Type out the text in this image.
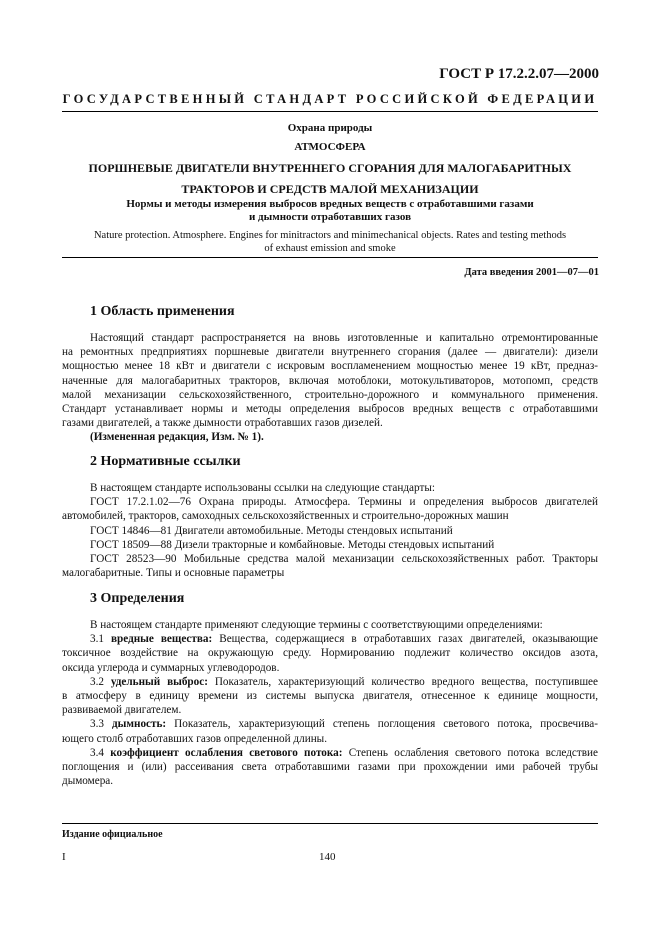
ГОСТ Р 17.2.2.07—2000
ГОСУДАРСТВЕННЫЙ СТАНДАРТ РОССИЙСКОЙ ФЕДЕРАЦИИ
Охрана природы
АТМОСФЕРА
ПОРШНЕВЫЕ ДВИГАТЕЛИ ВНУТРЕННЕГО СГОРАНИЯ ДЛЯ МАЛОГАБАРИТНЫХ
ТРАКТОРОВ И СРЕДСТВ МАЛОЙ МЕХАНИЗАЦИИ
Нормы и методы измерения выбросов вредных веществ с отработавшими газами
и дымности отработавших газов
Nature protection. Atmosphere. Engines for minitractors and minimechanical objects. Rates and testing methods
of exhaust emission and smoke
Дата введения 2001—07—01
1 Область применения

Настоящий стандарт распространяется на вновь изготовленные и капитально отремонтированные

на ремонтных предприятиях поршневые двигатели внутреннего сгорания (далее — двигатели): дизели

мощностью менее 18 кВт и двигатели с искровым воспламенением мощностью менее 19 кВт, предназ-

наченные для малогабаритных тракторов, включая мотоблоки, мотокультиваторов, мотопомп, средств

малой механизации сельскохозяйственного, строительно-дорожного и коммунального применения.

Стандарт устанавливает нормы и методы определения выбросов вредных веществ с отработавшими

газами двигателей, а также дымности отработавших газов дизелей.

(Измененная редакция, Изм. № 1).

2 Нормативные ссылки

В настоящем стандарте использованы ссылки на следующие стандарты:

ГОСТ 17.2.1.02—76 Охрана природы. Атмосфера. Термины и определения выбросов двигателей

автомобилей, тракторов, самоходных сельскохозяйственных и строительно-дорожных машин

ГОСТ 14846—81 Двигатели автомобильные. Методы стендовых испытаний

ГОСТ 18509—88 Дизели тракторные и комбайновые. Методы стендовых испытаний

ГОСТ 28523—90 Мобильные средства малой механизации сельскохозяйственных работ. Тракторы

малогабаритные. Типы и основные параметры

3 Определения

В настоящем стандарте применяют следующие термины с соответствующими определениями:

3.1 вредные вещества: Вещества, содержащиеся в отработавших газах двигателей, оказывающие

токсичное воздействие на окружающую среду. Нормированию подлежит количество оксидов азота,

оксида углерода и суммарных углеводородов.

3.2 удельный выброс: Показатель, характеризующий количество вредного вещества, поступившее

в атмосферу в единицу времени из системы выпуска двигателя, отнесенное к единице мощности,

развиваемой двигателем.

3.3 дымность: Показатель, характеризующий степень поглощения светового потока, просвечива-

ющего столб отработавших газов определенной длины.

3.4 коэффициент ослабления светового потока: Степень ослабления светового потока вследствие

поглощения и (или) рассеивания света отработавшими газами при прохождении ими рабочей трубы

дымомера.

Издание официальное
I	140
